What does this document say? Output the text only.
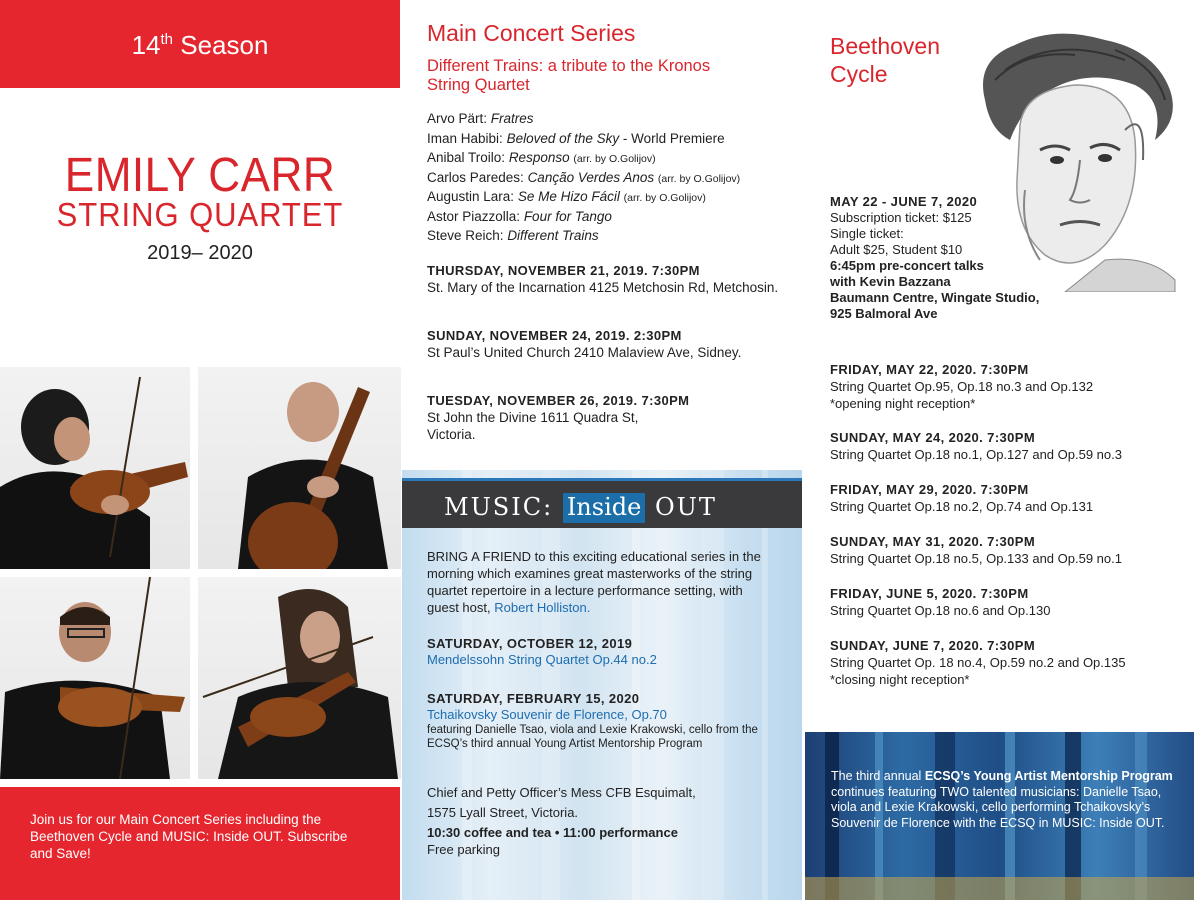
14th Season
EMILY CARR
STRING QUARTET
2019– 2020
Join us for our Main Concert Series including the Beethoven Cycle and MUSIC: Inside OUT. Subscribe and Save!
Main Concert Series
Different Trains: a tribute to the Kronos String Quartet
Arvo Pärt: Fratres
Iman Habibi: Beloved of the Sky - World Premiere
Anibal Troilo: Responso (arr. by O.Golijov)
Carlos Paredes: Canção Verdes Anos (arr. by O.Golijov)
Augustin Lara: Se Me Hizo Fácil (arr. by O.Golijov)
Astor Piazzolla: Four for Tango
Steve Reich: Different Trains
THURSDAY, NOVEMBER 21, 2019. 7:30PM
St. Mary of the Incarnation 4125 Metchosin Rd, Metchosin.
SUNDAY, NOVEMBER 24, 2019. 2:30PM
St Paul’s United Church 2410 Malaview Ave, Sidney.
TUESDAY, NOVEMBER 26, 2019. 7:30PM
St John the Divine 1611 Quadra St, Victoria.
MUSIC: Inside OUT
BRING A FRIEND to this exciting educational series in the morning which examines great masterworks of the string quartet repertoire in a lecture performance setting, with guest host, Robert Holliston.
SATURDAY, OCTOBER 12, 2019
Mendelssohn String Quartet Op.44 no.2
SATURDAY, FEBRUARY 15, 2020
Tchaikovsky Souvenir de Florence, Op.70
featuring Danielle Tsao, viola and Lexie Krakowski, cello from the ECSQ’s third annual Young Artist Mentorship Program
Chief and Petty Officer’s Mess CFB Esquimalt,
1575 Lyall Street, Victoria.
10:30 coffee and tea • 11:00 performance
Free parking
Beethoven Cycle
MAY 22 - JUNE 7, 2020
Subscription ticket: $125
Single ticket:
Adult $25, Student $10
6:45pm pre-concert talks with Kevin Bazzana
Baumann Centre, Wingate Studio, 925 Balmoral Ave
FRIDAY, MAY 22, 2020. 7:30PM
String Quartet Op.95, Op.18 no.3 and Op.132
*opening night reception*
SUNDAY, MAY 24, 2020. 7:30PM
String Quartet Op.18 no.1, Op.127 and Op.59 no.3
FRIDAY, MAY 29, 2020. 7:30PM
String Quartet Op.18 no.2, Op.74 and Op.131
SUNDAY, MAY 31, 2020. 7:30PM
String Quartet Op.18 no.5, Op.133 and Op.59 no.1
FRIDAY, JUNE 5, 2020. 7:30PM
String Quartet Op.18 no.6 and Op.130
SUNDAY, JUNE 7, 2020. 7:30PM
String Quartet Op. 18 no.4, Op.59 no.2 and Op.135
*closing night reception*
The third annual ECSQ’s Young Artist Mentorship Program continues featuring TWO talented musicians: Danielle Tsao, viola and Lexie Krakowski, cello performing Tchaikovsky’s Souvenir de Florence with the ECSQ in MUSIC: Inside OUT.
